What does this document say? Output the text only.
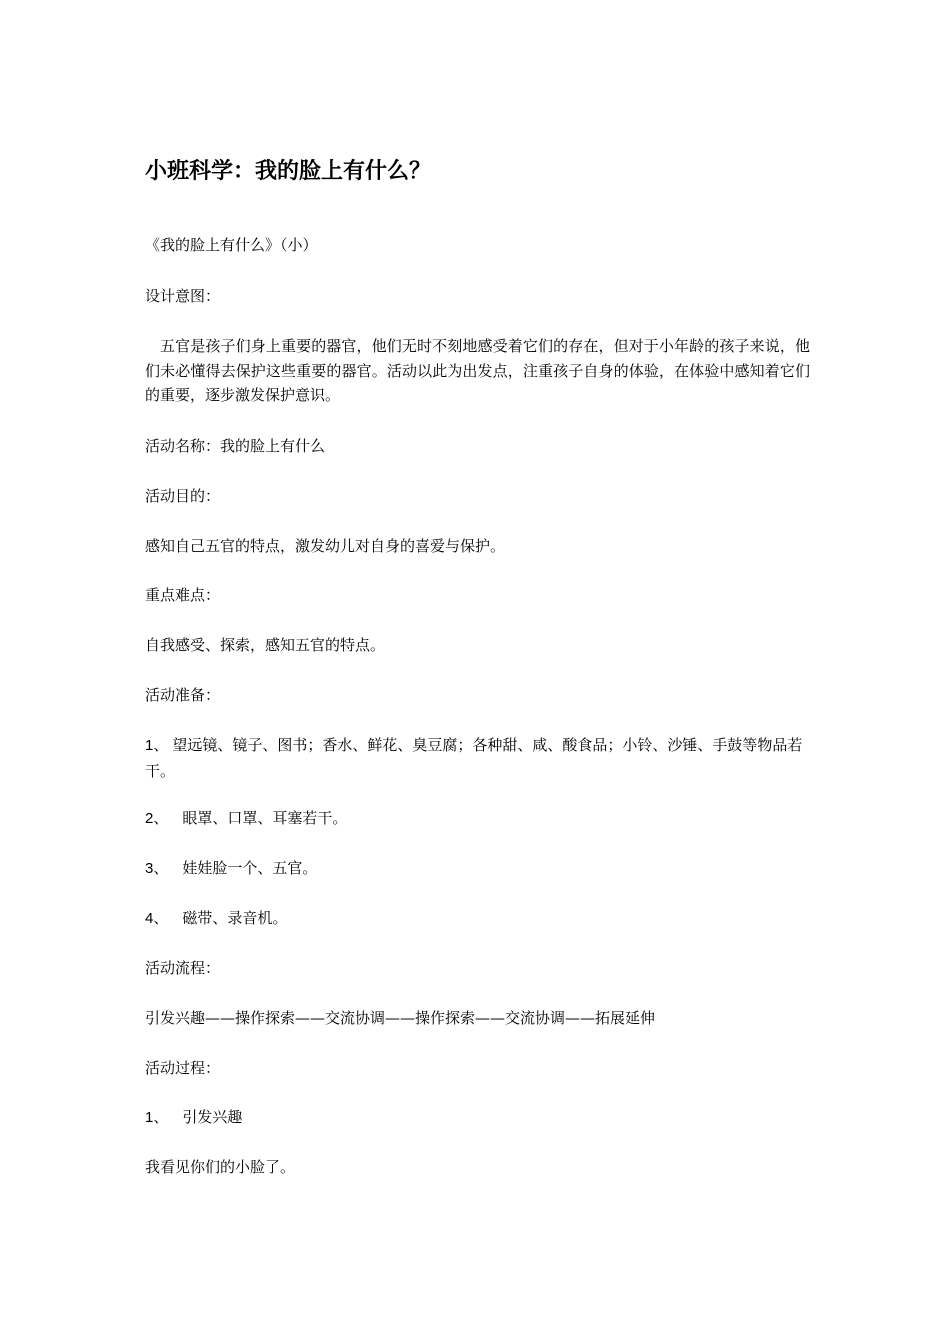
小班科学：我的脸上有什么？

《我的脸上有什么》（小）

设计意图：

五官是孩子们身上重要的器官，他们无时不刻地感受着它们的存在，但对于小年龄的孩子来说，他们未必懂得去保护这些重要的器官。活动以此为出发点，注重孩子自身的体验，在体验中感知着它们的重要，逐步激发保护意识。

活动名称：我的脸上有什么

活动目的：

感知自己五官的特点，激发幼儿对自身的喜爱与保护。

重点难点：

自我感受、探索，感知五官的特点。

活动准备：

1、 望远镜、镜子、图书；香水、鲜花、臭豆腐；各种甜、咸、酸食品；小铃、沙锤、手鼓等物品若干。

2、 眼罩、口罩、耳塞若干。

3、 娃娃脸一个、五官。

4、 磁带、录音机。

活动流程：

引发兴趣——操作探索——交流协调——操作探索——交流协调——拓展延伸

活动过程：

1、 引发兴趣

我看见你们的小脸了。
